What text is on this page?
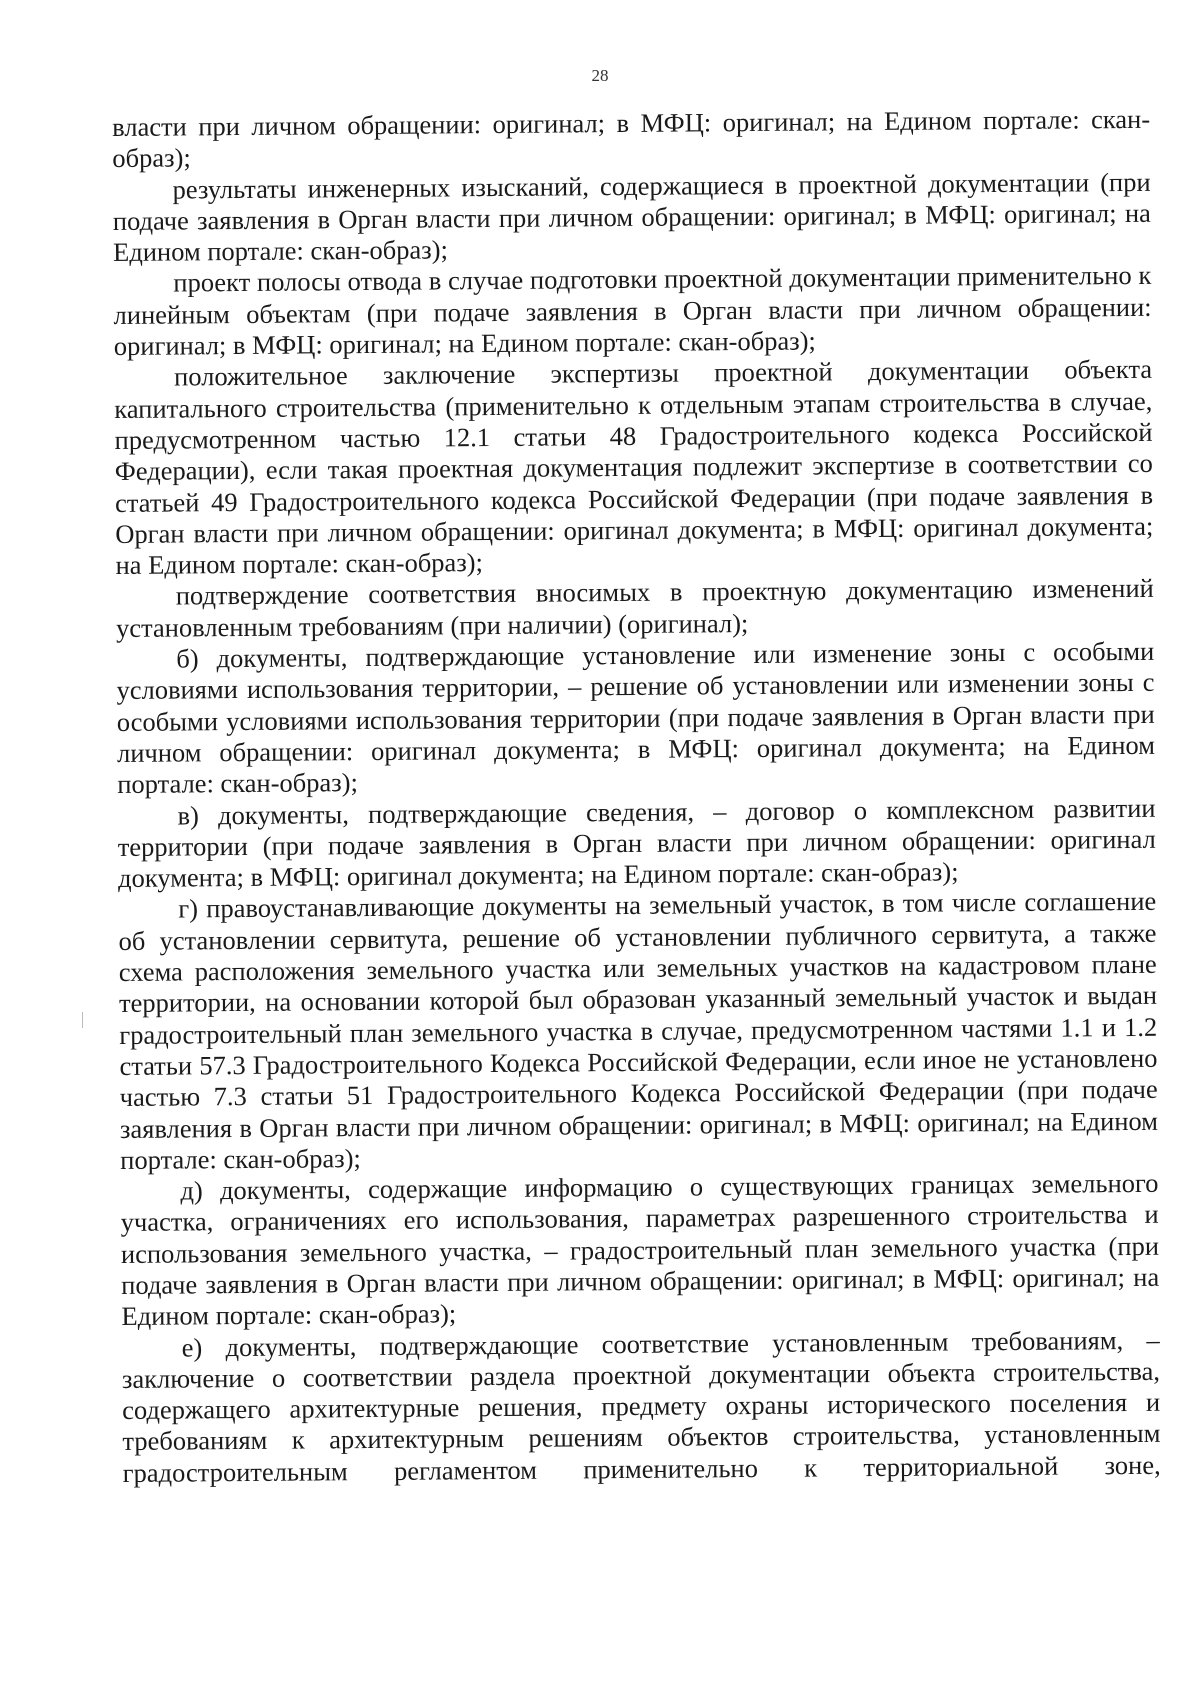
28

власти при личном обращении: оригинал; в МФЦ: оригинал; на Едином портале: скан-образ);

результаты инженерных изысканий, содержащиеся в проектной документации (при подаче заявления в Орган власти при личном обращении: оригинал; в МФЦ: оригинал; на Едином портале: скан-образ);

проект полосы отвода в случае подготовки проектной документации применительно к линейным объектам (при подаче заявления в Орган власти при личном обращении: оригинал; в МФЦ: оригинал; на Едином портале: скан-образ);

положительное заключение экспертизы проектной документации объекта капитального строительства (применительно к отдельным этапам строительства в случае, предусмотренном частью 12.1 статьи 48 Градостроительного кодекса Российской Федерации), если такая проектная документация подлежит экспертизе в соответствии со статьей 49 Градостроительного кодекса Российской Федерации (при подаче заявления в Орган власти при личном обращении: оригинал документа; в МФЦ: оригинал документа; на Едином портале: скан-образ);

подтверждение соответствия вносимых в проектную документацию изменений установленным требованиям (при наличии) (оригинал);

б) документы, подтверждающие установление или изменение зоны с особыми условиями использования территории, – решение об установлении или изменении зоны с особыми условиями использования территории (при подаче заявления в Орган власти при личном обращении: оригинал документа; в МФЦ: оригинал документа; на Едином портале: скан-образ);

в) документы, подтверждающие сведения, – договор о комплексном развитии территории (при подаче заявления в Орган власти при личном обращении: оригинал документа; в МФЦ: оригинал документа; на Едином портале: скан-образ);

г) правоустанавливающие документы на земельный участок, в том числе соглашение об установлении сервитута, решение об установлении публичного сервитута, а также схема расположения земельного участка или земельных участков на кадастровом плане территории, на основании которой был образован указанный земельный участок и выдан градостроительный план земельного участка в случае, предусмотренном частями 1.1 и 1.2 статьи 57.3 Градостроительного Кодекса Российской Федерации, если иное не установлено частью 7.3 статьи 51 Градостроительного Кодекса Российской Федерации (при подаче заявления в Орган власти при личном обращении: оригинал; в МФЦ: оригинал; на Едином портале: скан-образ);

д) документы, содержащие информацию о существующих границах земельного участка, ограничениях его использования, параметрах разрешенного строительства и использования земельного участка, – градостроительный план земельного участка (при подаче заявления в Орган власти при личном обращении: оригинал; в МФЦ: оригинал; на Едином портале: скан-образ);

е) документы, подтверждающие соответствие установленным требованиям, – заключение о соответствии раздела проектной документации объекта строительства, содержащего архитектурные решения, предмету охраны исторического поселения и требованиям к архитектурным решениям объектов строительства, установленным градостроительным регламентом применительно к территориальной зоне,
